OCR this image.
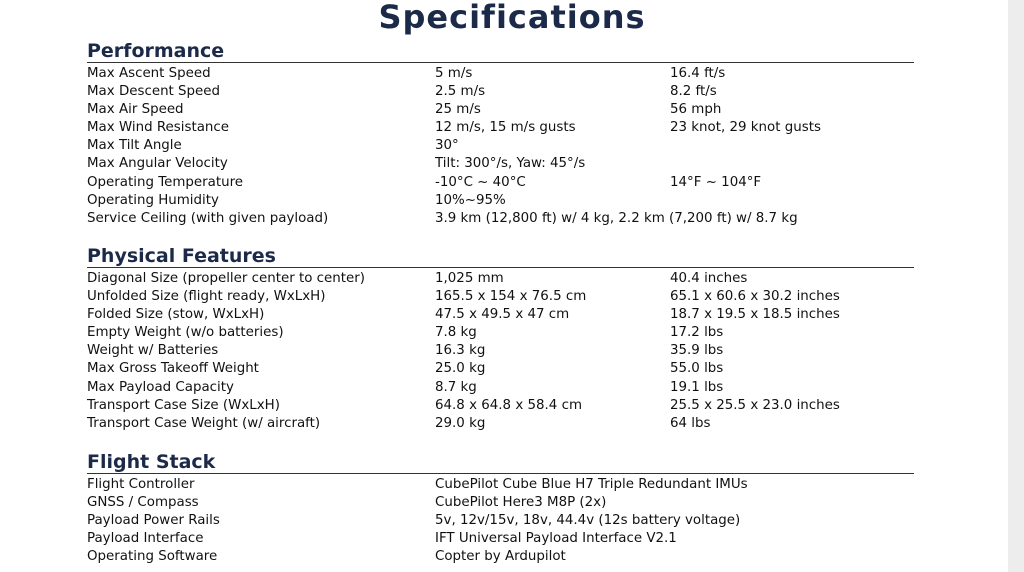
Specifications
Performance
Max Ascent Speed	5 m/s	16.4 ft/s
Max Descent Speed	2.5 m/s	8.2 ft/s
Max Air Speed	25 m/s	56 mph
Max Wind Resistance	12 m/s, 15 m/s gusts	23 knot, 29 knot gusts
Max Tilt Angle	30°
Max Angular Velocity	Tilt: 300°/s, Yaw: 45°/s
Operating Temperature	-10°C ~ 40°C	14°F ~ 104°F
Operating Humidity	10%~95%
Service Ceiling (with given payload)	3.9 km (12,800 ft) w/ 4 kg, 2.2 km (7,200 ft) w/ 8.7 kg
Physical Features
Diagonal Size (propeller center to center)	1,025 mm	40.4 inches
Unfolded Size (flight ready, WxLxH)	165.5 x 154 x 76.5 cm	65.1 x 60.6 x 30.2 inches
Folded Size (stow, WxLxH)	47.5 x 49.5 x 47 cm	18.7 x 19.5 x 18.5 inches
Empty Weight (w/o batteries)	7.8 kg	17.2 lbs
Weight w/ Batteries	16.3 kg	35.9 lbs
Max Gross Takeoff Weight	25.0 kg	55.0 lbs
Max Payload Capacity	8.7 kg	19.1 lbs
Transport Case Size (WxLxH)	64.8 x 64.8 x 58.4 cm	25.5 x 25.5 x 23.0 inches
Transport Case Weight (w/ aircraft)	29.0 kg	64 lbs
Flight Stack
Flight Controller	CubePilot Cube Blue H7 Triple Redundant IMUs
GNSS / Compass	CubePilot Here3 M8P (2x)
Payload Power Rails	5v, 12v/15v, 18v, 44.4v (12s battery voltage)
Payload Interface	IFT Universal Payload Interface V2.1
Operating Software	Copter by Ardupilot
